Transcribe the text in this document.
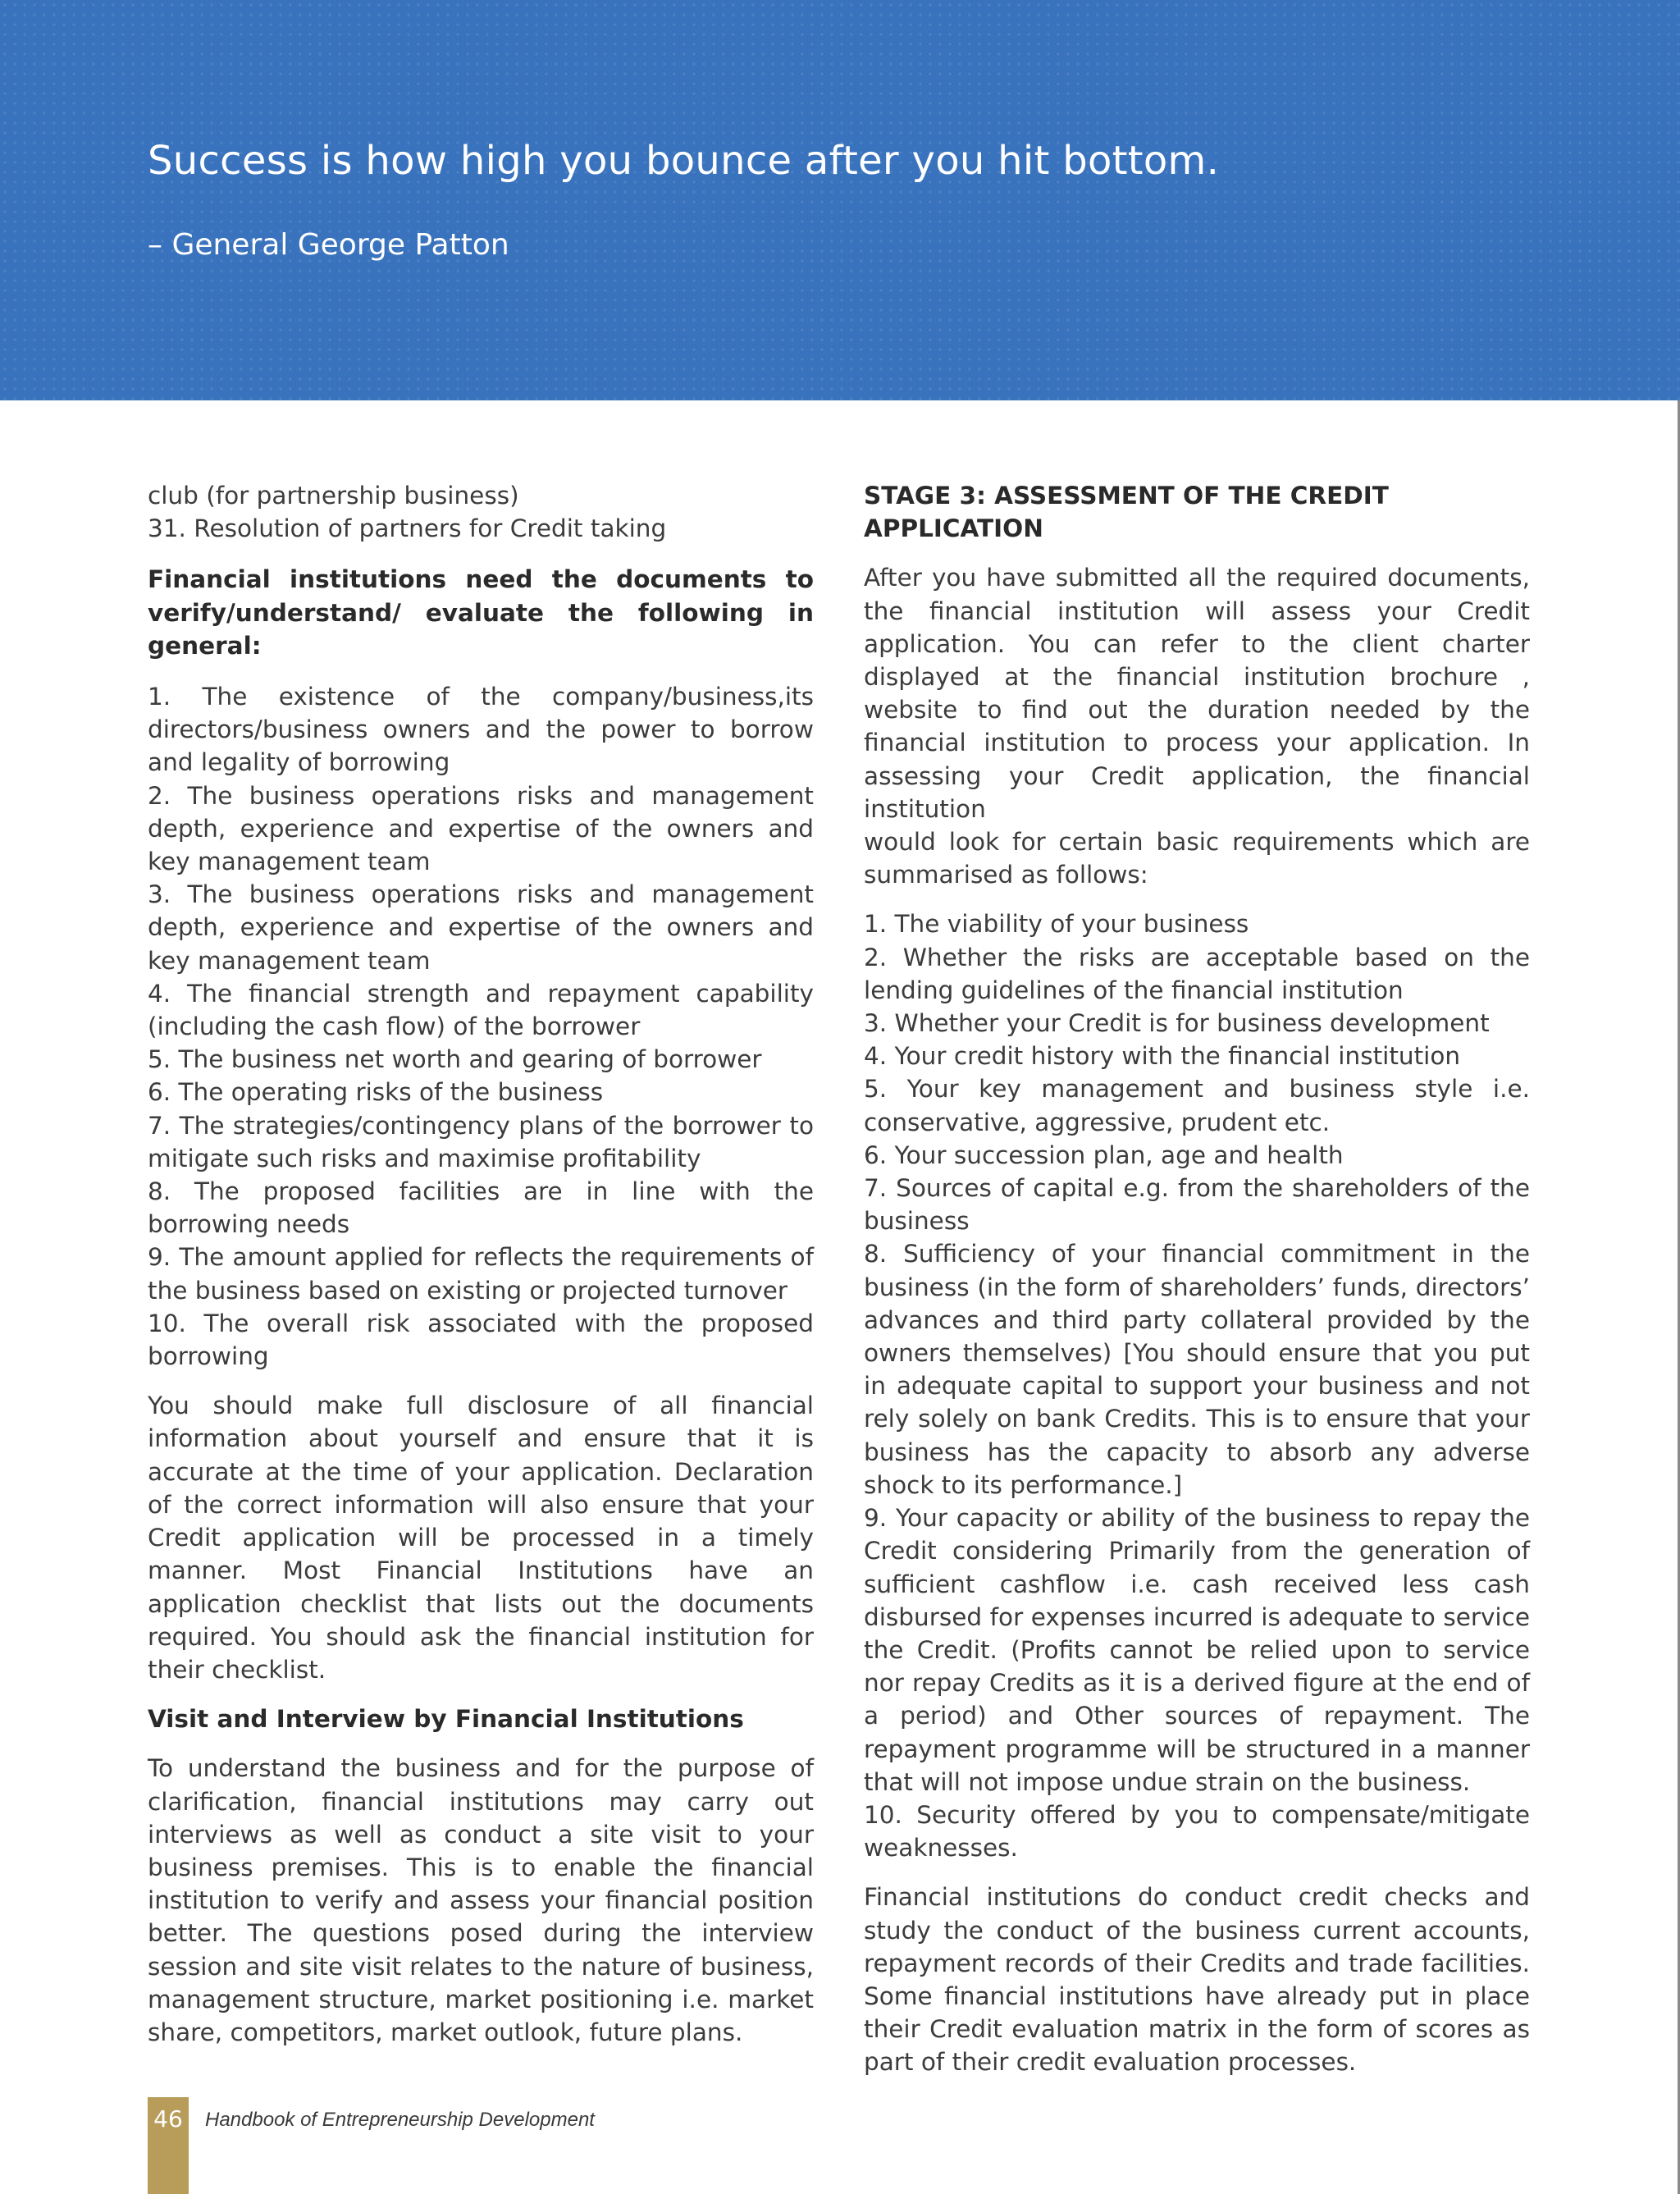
Success is how high you bounce after you hit bottom.

– General George Patton

club (for partnership business)

31. Resolution of partners for Credit taking

Financial institutions need the documents to verify/understand/ evaluate the following in general:
1. The existence of the company/business,its directors/business owners and the power to borrow and legality of borrowing
2. The business operations risks and management depth, experience and expertise of the owners and key management team
3. The business operations risks and management depth, experience and expertise of the owners and key management team
4. The financial strength and repayment capability (including the cash flow) of the borrower
5. The business net worth and gearing of borrower
6. The operating risks of the business
7. The strategies/contingency plans of the borrower to mitigate such risks and maximise profitability
8. The proposed facilities are in line with the borrowing needs
9. The amount applied for reflects the requirements of the business based on existing or projected turnover
10. The overall risk associated with the proposed borrowing

You should make full disclosure of all financial information about yourself and ensure that it is accurate at the time of your application. Declaration of the correct information will also ensure that your Credit application will be processed in a timely manner. Most Financial Institutions have an application checklist that lists out the documents required. You should ask the financial institution for their checklist.

Visit and Interview by Financial Institutions

To understand the business and for the purpose of clarification, financial institutions may carry out interviews as well as conduct a site visit to your business premises. This is to enable the financial institution to verify and assess your financial position better. The questions posed during the interview session and site visit relates to the nature of business, management structure, market positioning i.e. market share, competitors, market outlook, future plans.

STAGE 3: ASSESSMENT OF THE CREDIT APPLICATION

After you have submitted all the required documents, the financial institution will assess your Credit application. You can refer to the client charter displayed at the financial institution brochure , website to find out the duration needed by the financial institution to process your application. In assessing your Credit application, the financial institution

would look for certain basic requirements which are summarised as follows:

1. The viability of your business
2. Whether the risks are acceptable based on the lending guidelines of the financial institution
3. Whether your Credit is for business development
4. Your credit history with the financial institution
5. Your key management and business style i.e. conservative, aggressive, prudent etc.
6. Your succession plan, age and health
7. Sources of capital e.g. from the shareholders of the business
8. Sufficiency of your financial commitment in the business (in the form of shareholders’ funds, directors’ advances and third party collateral provided by the owners themselves) [You should ensure that you put in adequate capital to support your business and not rely solely on bank Credits. This is to ensure that your business has the capacity to absorb any adverse shock to its performance.]
9. Your capacity or ability of the business to repay the Credit considering Primarily from the generation of sufficient cashflow i.e. cash received less cash disbursed for expenses incurred is adequate to service the Credit. (Profits cannot be relied upon to service nor repay Credits as it is a derived figure at the end of a period) and Other sources of repayment. The repayment programme will be structured in a manner that will not impose undue strain on the business.
10. Security offered by you to compensate/mitigate weaknesses.

Financial institutions do conduct credit checks and study the conduct of the business current accounts, repayment records of their Credits and trade facilities. Some financial institutions have already put in place their Credit evaluation matrix in the form of scores as part of their credit evaluation processes.

46 Handbook of Entrepreneurship Development
